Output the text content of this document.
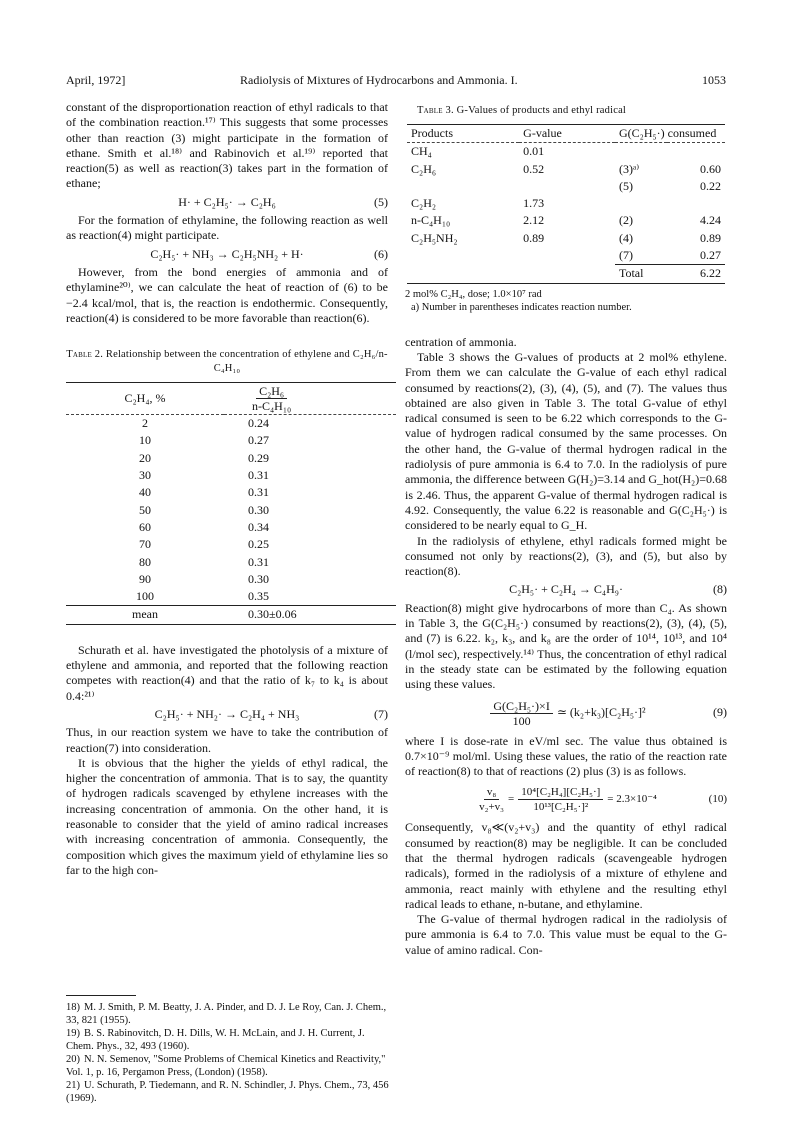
April, 1972]	Radiolysis of Mixtures of Hydrocarbons and Ammonia. I.	1053

constant of the disproportionation reaction of ethyl radicals to that of the combination reaction.¹⁷⁾ This suggests that some processes other than reaction (3) might participate in the formation of ethane. Smith et al.¹⁸⁾ and Rabinovich et al.¹⁹⁾ reported that reaction(5) as well as reaction(3) takes part in the formation of ethane;

H· + C₂H₅· → C₂H₆	(5)

For the formation of ethylamine, the following reaction as well as reaction(4) might participate.

C₂H₅· + NH₃ → C₂H₅NH₂ + H·	(6)

However, from the bond energies of ammonia and of ethylamine²⁰⁾, we can calculate the heat of reaction of (6) to be −2.4 kcal/mol, that is, the reaction is endothermic. Consequently, reaction(4) is considered to be more favorable than reaction(6).

Table 2. Relationship between the concentration of ethylene and C₂H₆/n-C₄H₁₀
C₂H₄, %	$\frac{\text{C₂H₆}}{\text{n-C₄H₁₀}}$

2	0.24
10	0.27
20	0.29
30	0.31
40	0.31
50	0.30
60	0.34
70	0.25
80	0.31
90	0.30
100	0.35
mean	0.30±0.06

Schurath et al. have investigated the photolysis of a mixture of ethylene and ammonia, and reported that the following reaction competes with reaction(4) and that the ratio of k₇ to k₄ is about 0.4:²¹⁾

C₂H₅· + NH₂· → C₂H₄ + NH₃	(7)

Thus, in our reaction system we have to take the contribution of reaction(7) into consideration.

It is obvious that the higher the yields of ethyl radical, the higher the concentration of ammonia. That is to say, the quantity of hydrogen radicals scavenged by ethylene increases with the increasing concentration of ammonia. On the other hand, it is reasonable to consider that the yield of amino radical increases with increasing concentration of ammonia. Consequently, the composition which gives the maximum yield of ethylamine lies so far to the high con-

18) M. J. Smith, P. M. Beatty, J. A. Pinder, and D. J. Le Roy, Can. J. Chem., 33, 821 (1955).
19) B. S. Rabinovitch, D. H. Dills, W. H. McLain, and J. H. Current, J. Chem. Phys., 32, 493 (1960).
20) N. N. Semenov, "Some Problems of Chemical Kinetics and Reactivity," Vol. 1, p. 16, Pergamon Press, (London) (1958).
21) U. Schurath, P. Tiedemann, and R. N. Schindler, J. Phys. Chem., 73, 456 (1969).
Table 3. G-Values of products and ethyl radical
Products	G-value	G(C₂H₅·) consumed	
CH₄	0.01		
C₂H₆	0.52	(3)ᵃ⁾	0.60
		(5)	0.22
C₂H₂	1.73		
n-C₄H₁₀	2.12	(2)	4.24
C₂H₅NH₂	0.89	(4)	0.89
		(7)	0.27
		Total	6.22

2 mol% C₂H₄, dose; 1.0×10⁷ rad
a) Number in parentheses indicates reaction number.

centration of ammonia.

Table 3 shows the G-values of products at 2 mol% ethylene. From them we can calculate the G-value of each ethyl radical consumed by reactions(2), (3), (4), (5), and (7). The values thus obtained are also given in Table 3. The total G-value of ethyl radical consumed is seen to be 6.22 which corresponds to the G-value of hydrogen radical consumed by the same processes. On the other hand, the G-value of thermal hydrogen radical in the radiolysis of pure ammonia is 6.4 to 7.0. In the radiolysis of pure ammonia, the difference between G(H₂)=3.14 and G_hot(H₂)=0.68 is 2.46. Thus, the apparent G-value of thermal hydrogen radical is 4.92. Consequently, the value 6.22 is reasonable and G(C₂H₅·) is considered to be nearly equal to G_H.

In the radiolysis of ethylene, ethyl radicals formed might be consumed not only by reactions(2), (3), and (5), but also by reaction(8).

C₂H₅· + C₂H₄ → C₄H₉·	(8)

Reaction(8) might give hydrocarbons of more than C₄. As shown in Table 3, the G(C₂H₅·) consumed by reactions(2), (3), (4), (5), and (7) is 6.22. k₂, k₃, and k₈ are the order of 10¹⁴, 10¹³, and 10⁴ (l/mol sec), respectively.¹⁴⁾ Thus, the concentration of ethyl radical in the steady state can be estimated by the following equation using these values.

$\frac{\text{G(C₂H₅·)×I}}{100}$ ≃ (k₂+k₃)[C₂H₅·]²	(9)

where I is dose-rate in eV/ml sec. The value thus obtained is 0.7×10⁻⁹ mol/ml. Using these values, the ratio of the reaction rate of reaction(8) to that of reactions (2) plus (3) is as follows.

$\frac{\text{v₈}}{\text{v₂+v₃}} = \frac{\text{10⁴[C₂H₄][C₂H₅·]}}{\text{10¹³[C₂H₅·]²}} = 2.3\times 10^{-4}$	(10)

Consequently, v₈≪(v₂+v₃) and the quantity of ethyl radical consumed by reaction(8) may be negligible. It can be concluded that the thermal hydrogen radicals (scavengeable hydrogen radicals), formed in the radiolysis of a mixture of ethylene and ammonia, react mainly with ethylene and the resulting ethyl radical leads to ethane, n-butane, and ethylamine.

The G-value of thermal hydrogen radical in the radiolysis of pure ammonia is 6.4 to 7.0. This value must be equal to the G-value of amino radical. Con-
